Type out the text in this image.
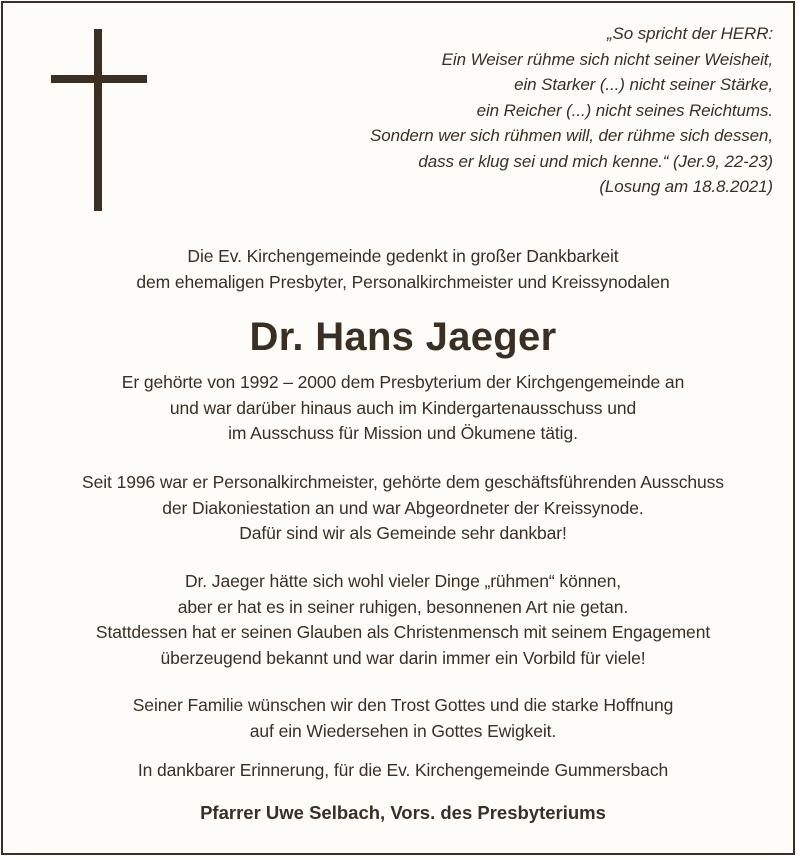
„So spricht der HERR:
Ein Weiser rühme sich nicht seiner Weisheit,
ein Starker (...) nicht seiner Stärke,
ein Reicher (...) nicht seines Reichtums.
Sondern wer sich rühmen will, der rühme sich dessen,
dass er klug sei und mich kenne.“ (Jer.9, 22-23)
(Losung am 18.8.2021)
Die Ev. Kirchengemeinde gedenkt in großer Dankbarkeit
dem ehemaligen Presbyter, Personalkirchmeister und Kreissynodalen
Dr. Hans Jaeger
Er gehörte von 1992 – 2000 dem Presbyterium der Kirchgengemeinde an
und war darüber hinaus auch im Kindergartenausschuss und
im Ausschuss für Mission und Ökumene tätig.
Seit 1996 war er Personalkirchmeister, gehörte dem geschäftsführenden Ausschuss
der Diakoniestation an und war Abgeordneter der Kreissynode.
Dafür sind wir als Gemeinde sehr dankbar!
Dr. Jaeger hätte sich wohl vieler Dinge „rühmen“ können,
aber er hat es in seiner ruhigen, besonnenen Art nie getan.
Stattdessen hat er seinen Glauben als Christenmensch mit seinem Engagement
überzeugend bekannt und war darin immer ein Vorbild für viele!
Seiner Familie wünschen wir den Trost Gottes und die starke Hoffnung
auf ein Wiedersehen in Gottes Ewigkeit.
In dankbarer Erinnerung, für die Ev. Kirchengemeinde Gummersbach
Pfarrer Uwe Selbach, Vors. des Presbyteriums
